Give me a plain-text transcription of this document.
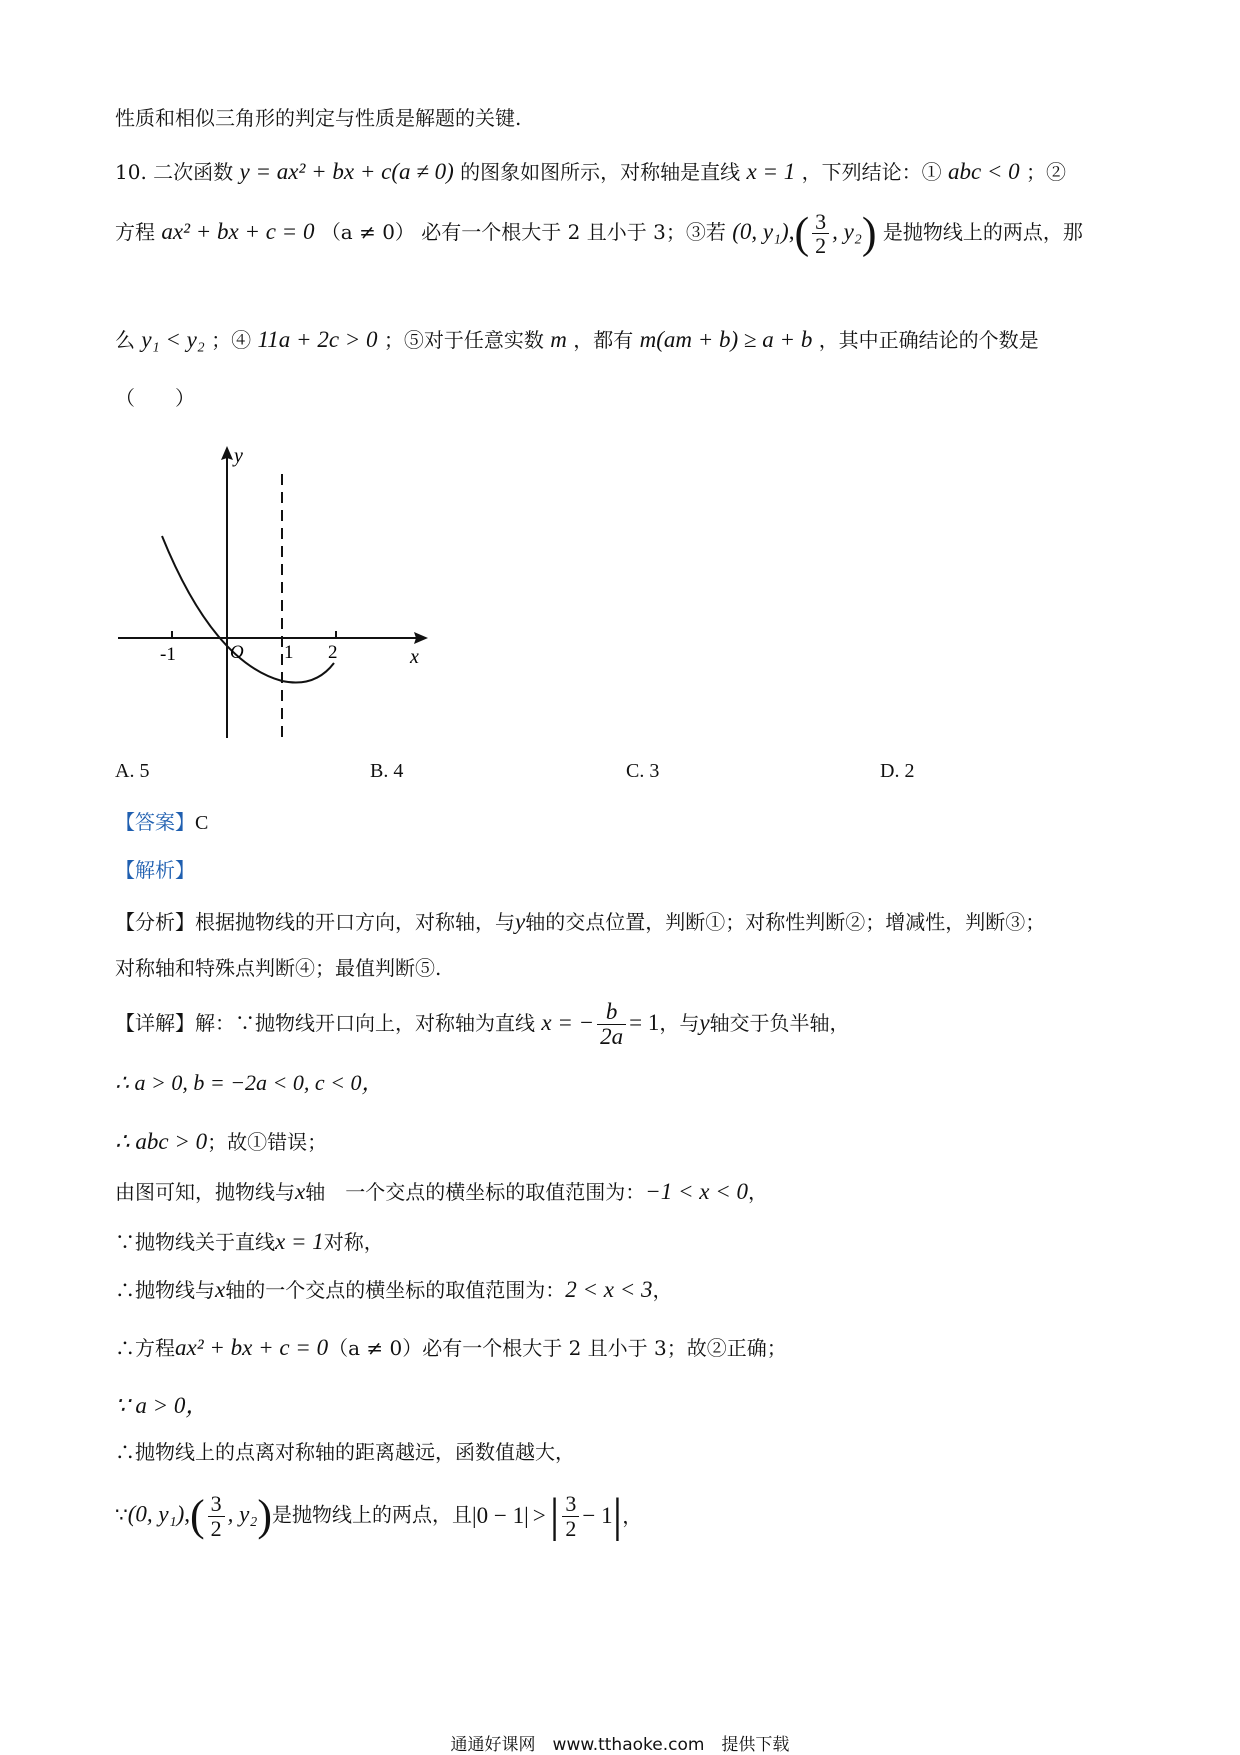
性质和相似三角形的判定与性质是解题的关键.
10. 二次函数 y = ax² + bx + c(a ≠ 0) 的图象如图所示，对称轴是直线 x = 1 ，下列结论：① abc < 0 ；②
方程 ax² + bx + c = 0 （a ≠ 0） 必有一个根大于 2 且小于 3；③若 (0, $y_1),( \frac{3}{2}$ , y₂) 是抛物线上的两点，那
么 y₁ < y₂ ；④ 11a + 2c > 0 ；⑤对于任意实数 m ，都有 m(am + b) ≥ a + b ，其中正确结论的个数是
（　　）
-1	O 1 2	x
y
A. 5	B. 4	C. 3	D. 2
【答案】C
【解析】
【分析】根据抛物线的开口方向，对称轴，与y轴的交点位置，判断①；对称性判断②；增减性，判断③；
对称轴和特殊点判断④；最值判断⑤.
【详解】解：∵抛物线开口向上，对称轴为直线 x = − $\frac{b}{2a} = 1$，与y轴交于负半轴，
∴ a > 0, b = −2a < 0, c < 0，
∴ abc > 0；故①错误；
由图可知，抛物线与x轴　一个交点的横坐标的取值范围为：−1 < x < 0，
∵抛物线关于直线x = 1对称，
∴抛物线与x轴的一个交点的横坐标的取值范围为：2 < x < 3，
∴方程ax² + bx + c = 0（a ≠ 0）必有一个根大于 2 且小于 3；故②正确；
∵ a > 0，
∴抛物线上的点离对称轴的距离越远，函数值越大，
∵(0, $y_1),( \frac{3}{2}$ , y₂)是抛物线上的两点，且|0 − 1| >| $\frac{3}{2} - 1|$，
通通好课网　www.tthaoke.com　提供下载
